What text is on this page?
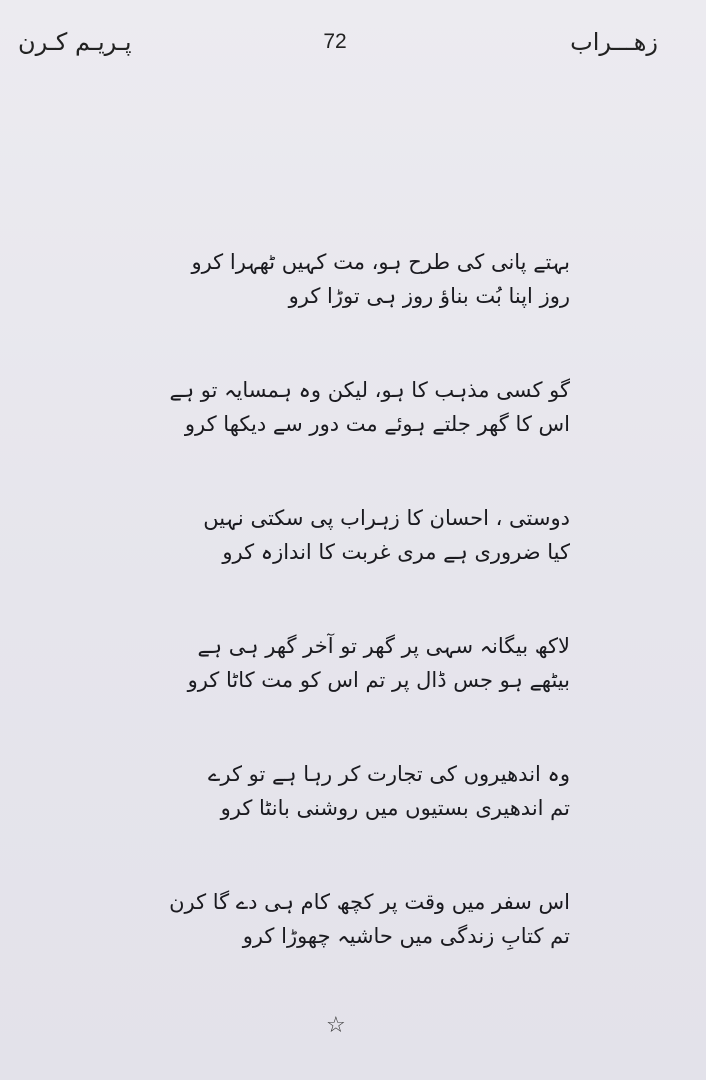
زهـــراب
72
پـریـم کـرن
بہتے پانی کی طرح ہو، مت کہیں ٹھہرا کرو
روز اپنا بُت بناؤ روز ہی توڑا کرو
گو کسی مذہب کا ہو، لیکن وہ ہمسایہ تو ہے
اس کا گھر جلتے ہوئے مت دور سے دیکھا کرو
دوستی ، احسان کا زہراب پی سکتی نہیں
کیا ضروری ہے مری غربت کا اندازہ کرو
لاکھ بیگانہ سہی پر گھر تو آخر گھر ہی ہے
بیٹھے ہو جس ڈال پر تم اس کو مت کاٹا کرو
وہ اندھیروں کی تجارت کر رہا ہے تو کرے
تم اندھیری بستیوں میں روشنی بانٹا کرو
اس سفر میں وقت پر کچھ کام ہی دے گا کرن
تم کتابِ زندگی میں حاشیہ چھوڑا کرو
☆
